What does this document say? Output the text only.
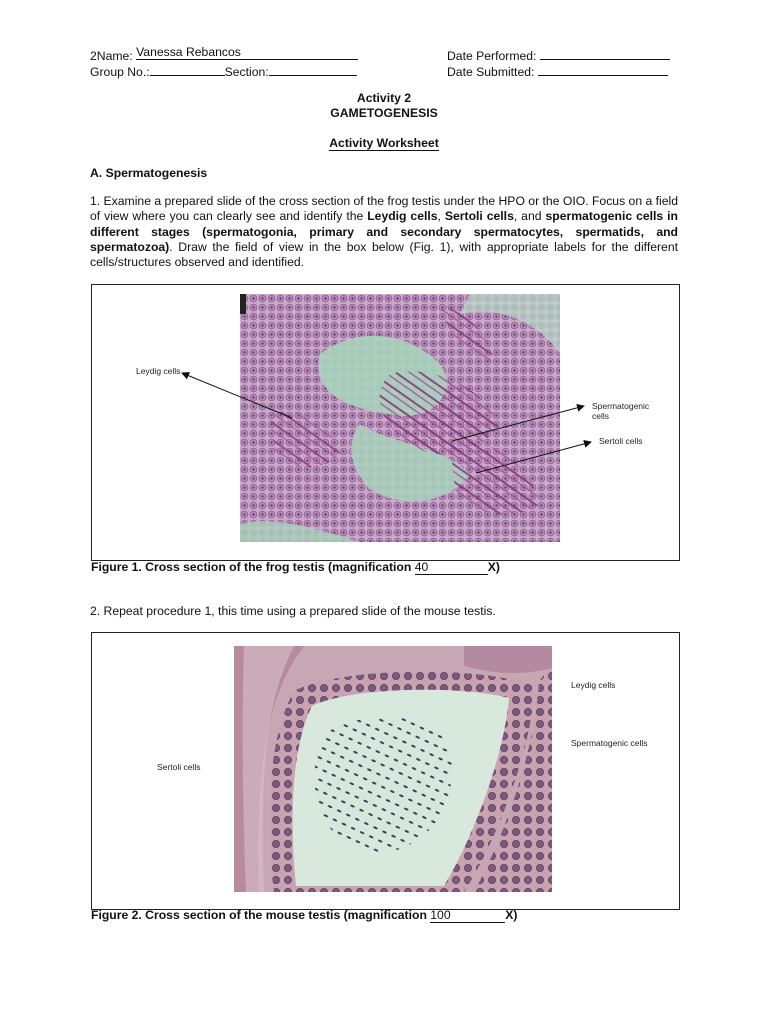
2Name: Vanessa Rebancos
Group No.:	Section:
Date Performed:
Date Submitted:
Activity 2
GAMETOGENESIS
Activity Worksheet
A. Spermatogenesis
1. Examine a prepared slide of the cross section of the frog testis under the HPO or the OIO. Focus on a field of view where you can clearly see and identify the Leydig cells, Sertoli cells, and spermatogenic cells in different stages (spermatogonia, primary and secondary spermatocytes, spermatids, and spermatozoa). Draw the field of view in the box below (Fig. 1), with appropriate labels for the different cells/structures observed and identified.
Leydig cells
Spermatogenic cells
Sertoli cells
Figure 1. Cross section of the frog testis (magnification 40	X)
2. Repeat procedure 1, this time using a prepared slide of the mouse testis.
Leydig cells
Spermatogenic cells
Sertoli cells
Figure 2. Cross section of the mouse testis (magnification 100	X)
